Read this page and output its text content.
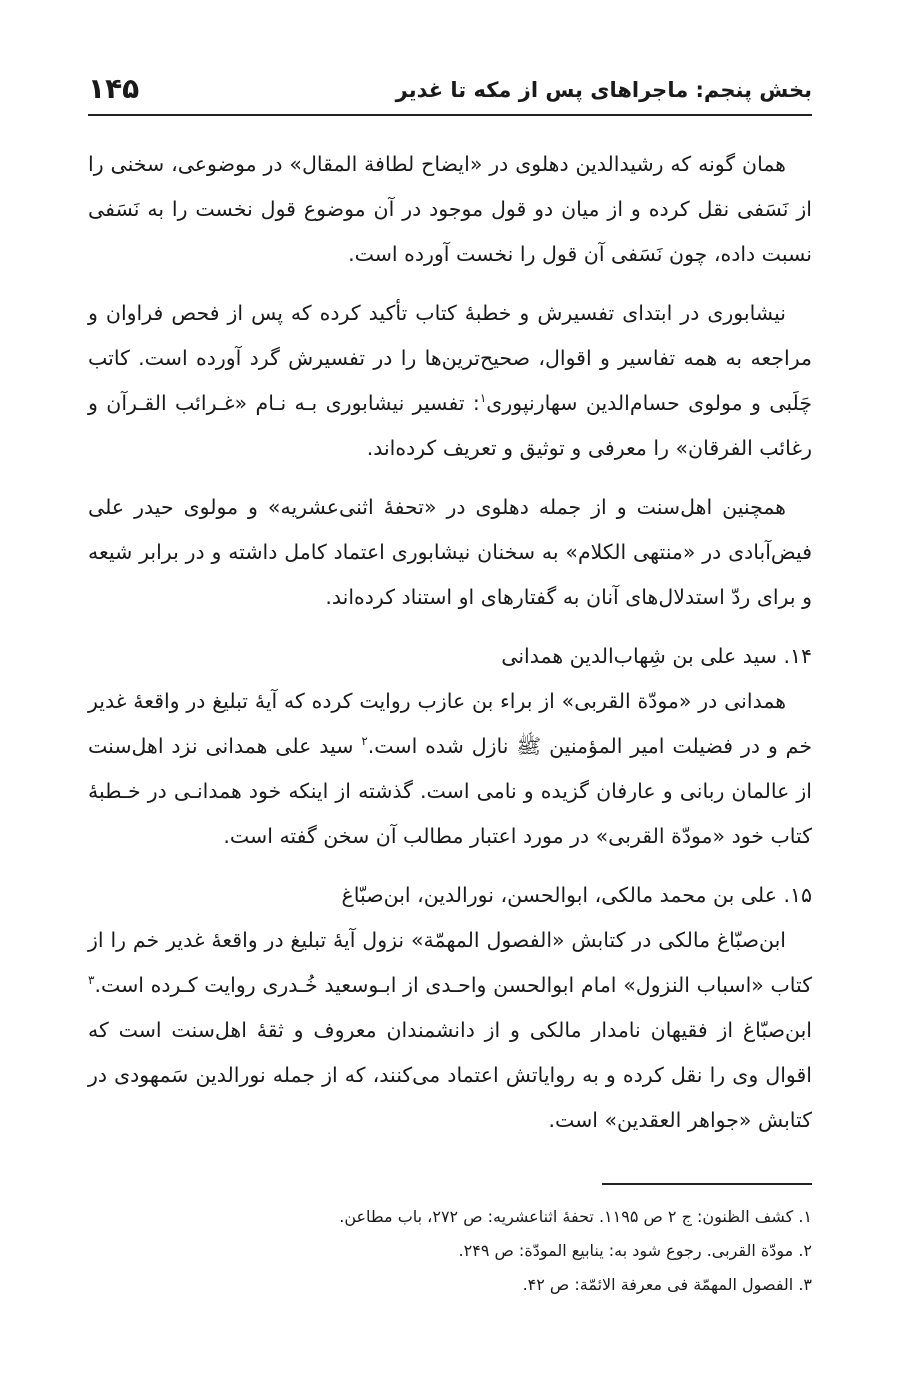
بخش پنجم: ماجراهای پس از مکه تا غدیر
۱۴۵

همان گونه که رشیدالدین دهلوی در «ایضاح لطافة المقال» در موضوعی، سخنی را از نَسَفی نقل کرده و از میان دو قول موجود در آن موضوع قول نخست را به نَسَفی نسبت داده، چون نَسَفی آن قول را نخست آورده است.

نیشابوری در ابتدای تفسیرش و خطبهٔ کتاب تأکید کرده که پس از فحص فراوان و مراجعه به همه تفاسیر و اقوال، صحیح‌ترین‌ها را در تفسیرش گرد آورده است. کاتب چَلَبی و مولوی حسام‌الدین سهارنپوری$^۱$: تفسیر نیشابوری بـه نـام «غـرائب القـرآن و رغائب الفرقان» را معرفی و توثیق و تعریف کرده‌اند.

همچنین اهل‌سنت و از جمله دهلوی در «تحفهٔ اثنی‌عشریه» و مولوی حیدر علی فیض‌آبادی در «منتهی الکلام» به سخنان نیشابوری اعتماد کامل داشته و در برابر شیعه و برای ردّ استدلال‌های آنان به گفتارهای او استناد کرده‌اند.

۱۴. سید علی بن شِهاب‌الدین همدانی

همدانی در «مودّة القربی» از براء بن عازب روایت کرده که آیهٔ تبلیغ در واقعهٔ غدیر خم و در فضیلت امیر المؤمنین ﷺ نازل شده است.$^۲$ سید علی همدانی نزد اهل‌سنت از عالمان ربانی و عارفان گزیده و نامی است. گذشته از اینکه خود همدانـی در خـطبهٔ کتاب خود «مودّة القربی» در مورد اعتبار مطالب آن سخن گفته است.

۱۵. علی بن محمد مالکی، ابوالحسن، نورالدین، ابن‌صبّاغ

ابن‌صبّاغ مالکی در کتابش «الفصول المهمّة» نزول آیهٔ تبلیغ در واقعهٔ غدیر خم را از کتاب «اسباب النزول» امام ابوالحسن واحـدی از ابـوسعید خُـدری روایت کـرده است.$^۳$ ابن‌صبّاغ از فقیهان نامدار مالکی و از دانشمندان معروف و ثقهٔ اهل‌سنت است که اقوال وی را نقل کرده و به روایاتش اعتماد می‌کنند، که از جمله نورالدین سَمهودی در کتابش «جواهر العقدین» است.

۱. کشف الظنون: ج ۲ ص ۱۱۹۵. تحفهٔ اثناعشریه: ص ۲۷۲، باب مطاعن.

۲. مودّة القربی. رجوع شود به: ینابیع المودّة: ص ۲۴۹.

۳. الفصول المهمّة فی معرفة الائمّة: ص ۴۲.
